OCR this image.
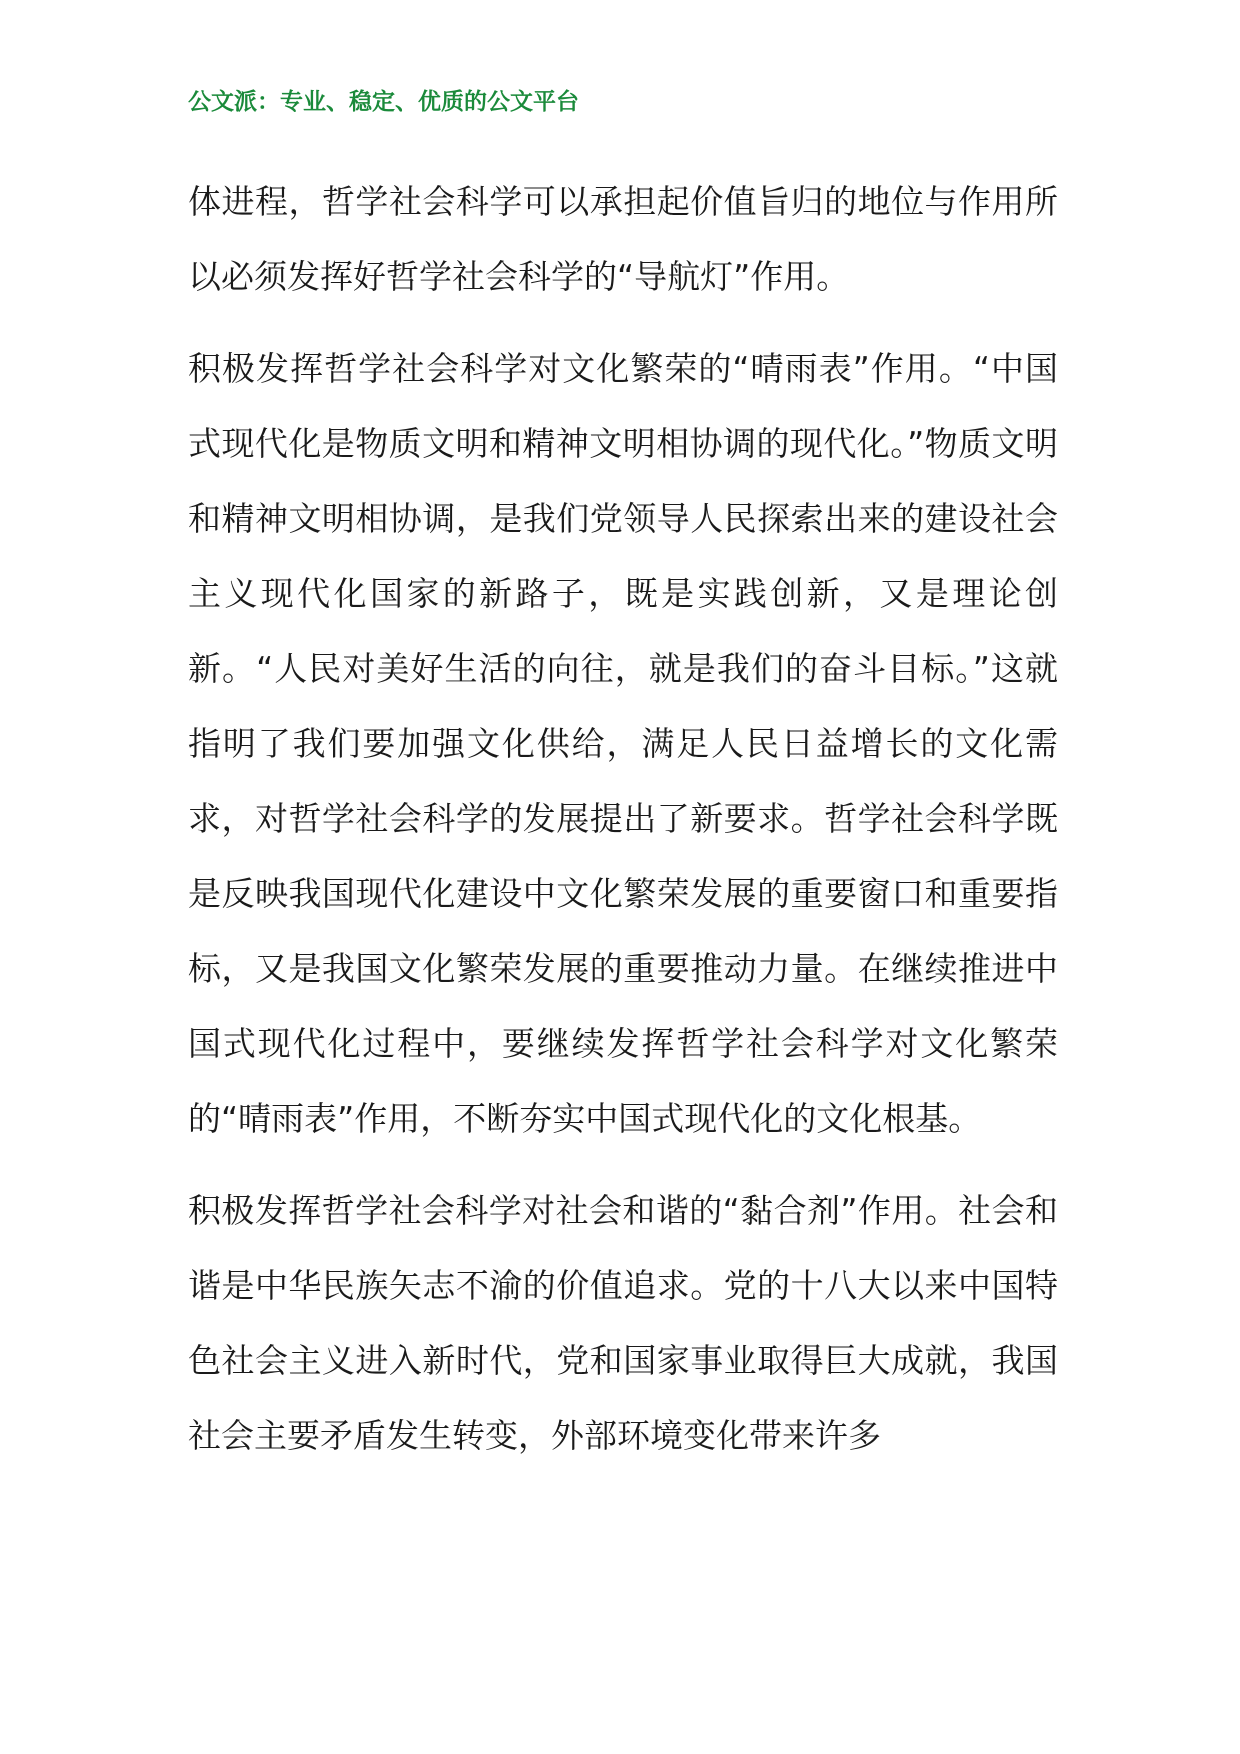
公文派：专业、稳定、优质的公文平台

体进程，哲学社会科学可以承担起价值旨归的地位与作用所以必须发挥好哲学社会科学的“导航灯”作用。

积极发挥哲学社会科学对文化繁荣的“晴雨表”作用。“中国式现代化是物质文明和精神文明相协调的现代化。”物质文明和精神文明相协调，是我们党领导人民探索出来的建设社会主义现代化国家的新路子，既是实践创新，又是理论创新。“人民对美好生活的向往，就是我们的奋斗目标。”这就指明了我们要加强文化供给，满足人民日益增长的文化需求，对哲学社会科学的发展提出了新要求。哲学社会科学既是反映我国现代化建设中文化繁荣发展的重要窗口和重要指标，又是我国文化繁荣发展的重要推动力量。在继续推进中国式现代化过程中，要继续发挥哲学社会科学对文化繁荣的“晴雨表”作用，不断夯实中国式现代化的文化根基。

积极发挥哲学社会科学对社会和谐的“黏合剂”作用。社会和谐是中华民族矢志不渝的价值追求。党的十八大以来中国特色社会主义进入新时代，党和国家事业取得巨大成就，我国社会主要矛盾发生转变，外部环境变化带来许多
